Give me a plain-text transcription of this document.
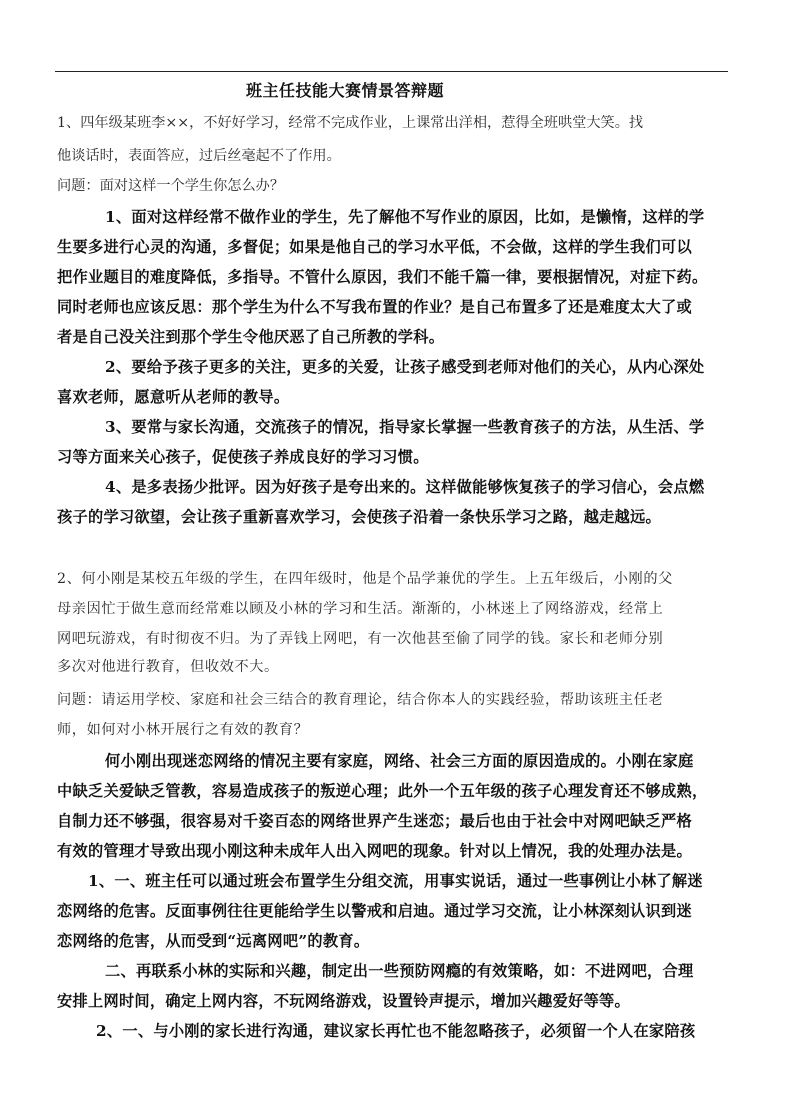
班主任技能大赛情景答辩题
1、四年级某班李××，不好好学习，经常不完成作业，上课常出洋相，惹得全班哄堂大笑。找
他谈话时，表面答应，过后丝毫起不了作用。
问题：面对这样一个学生你怎么办？
1、面对这样经常不做作业的学生，先了解他不写作业的原因，比如，是懒惰，这样的学
生要多进行心灵的沟通，多督促；如果是他自己的学习水平低，不会做，这样的学生我们可以
把作业题目的难度降低，多指导。不管什么原因，我们不能千篇一律，要根据情况，对症下药。
同时老师也应该反思：那个学生为什么不写我布置的作业？是自己布置多了还是难度太大了或
者是自己没关注到那个学生令他厌恶了自己所教的学科。
2、要给予孩子更多的关注，更多的关爱，让孩子感受到老师对他们的关心，从内心深处
喜欢老师，愿意听从老师的教导。
3、要常与家长沟通，交流孩子的情况，指导家长掌握一些教育孩子的方法，从生活、学
习等方面来关心孩子，促使孩子养成良好的学习习惯。
4、是多表扬少批评。因为好孩子是夸出来的。这样做能够恢复孩子的学习信心，会点燃
孩子的学习欲望，会让孩子重新喜欢学习，会使孩子沿着一条快乐学习之路，越走越远。
2、何小刚是某校五年级的学生，在四年级时，他是个品学兼优的学生。上五年级后，小刚的父
母亲因忙于做生意而经常难以顾及小林的学习和生活。渐渐的，小林迷上了网络游戏，经常上
网吧玩游戏，有时彻夜不归。为了弄钱上网吧，有一次他甚至偷了同学的钱。家长和老师分别
多次对他进行教育，但收效不大。
问题：请运用学校、家庭和社会三结合的教育理论，结合你本人的实践经验，帮助该班主任老
师，如何对小林开展行之有效的教育？
何小刚出现迷恋网络的情况主要有家庭，网络、社会三方面的原因造成的。小刚在家庭
中缺乏关爱缺乏管教，容易造成孩子的叛逆心理；此外一个五年级的孩子心理发育还不够成熟，
自制力还不够强，很容易对千姿百态的网络世界产生迷恋；最后也由于社会中对网吧缺乏严格
有效的管理才导致出现小刚这种未成年人出入网吧的现象。针对以上情况，我的处理办法是。
1、一、班主任可以通过班会布置学生分组交流，用事实说话，通过一些事例让小林了解迷
恋网络的危害。反面事例往往更能给学生以警戒和启迪。通过学习交流，让小林深刻认识到迷
恋网络的危害，从而受到“远离网吧”的教育。
二、再联系小林的实际和兴趣，制定出一些预防网瘾的有效策略，如：不进网吧，合理
安排上网时间，确定上网内容，不玩网络游戏，设置铃声提示，增加兴趣爱好等等。
2、一、与小刚的家长进行沟通，建议家长再忙也不能忽略孩子，必须留一个人在家陪孩
